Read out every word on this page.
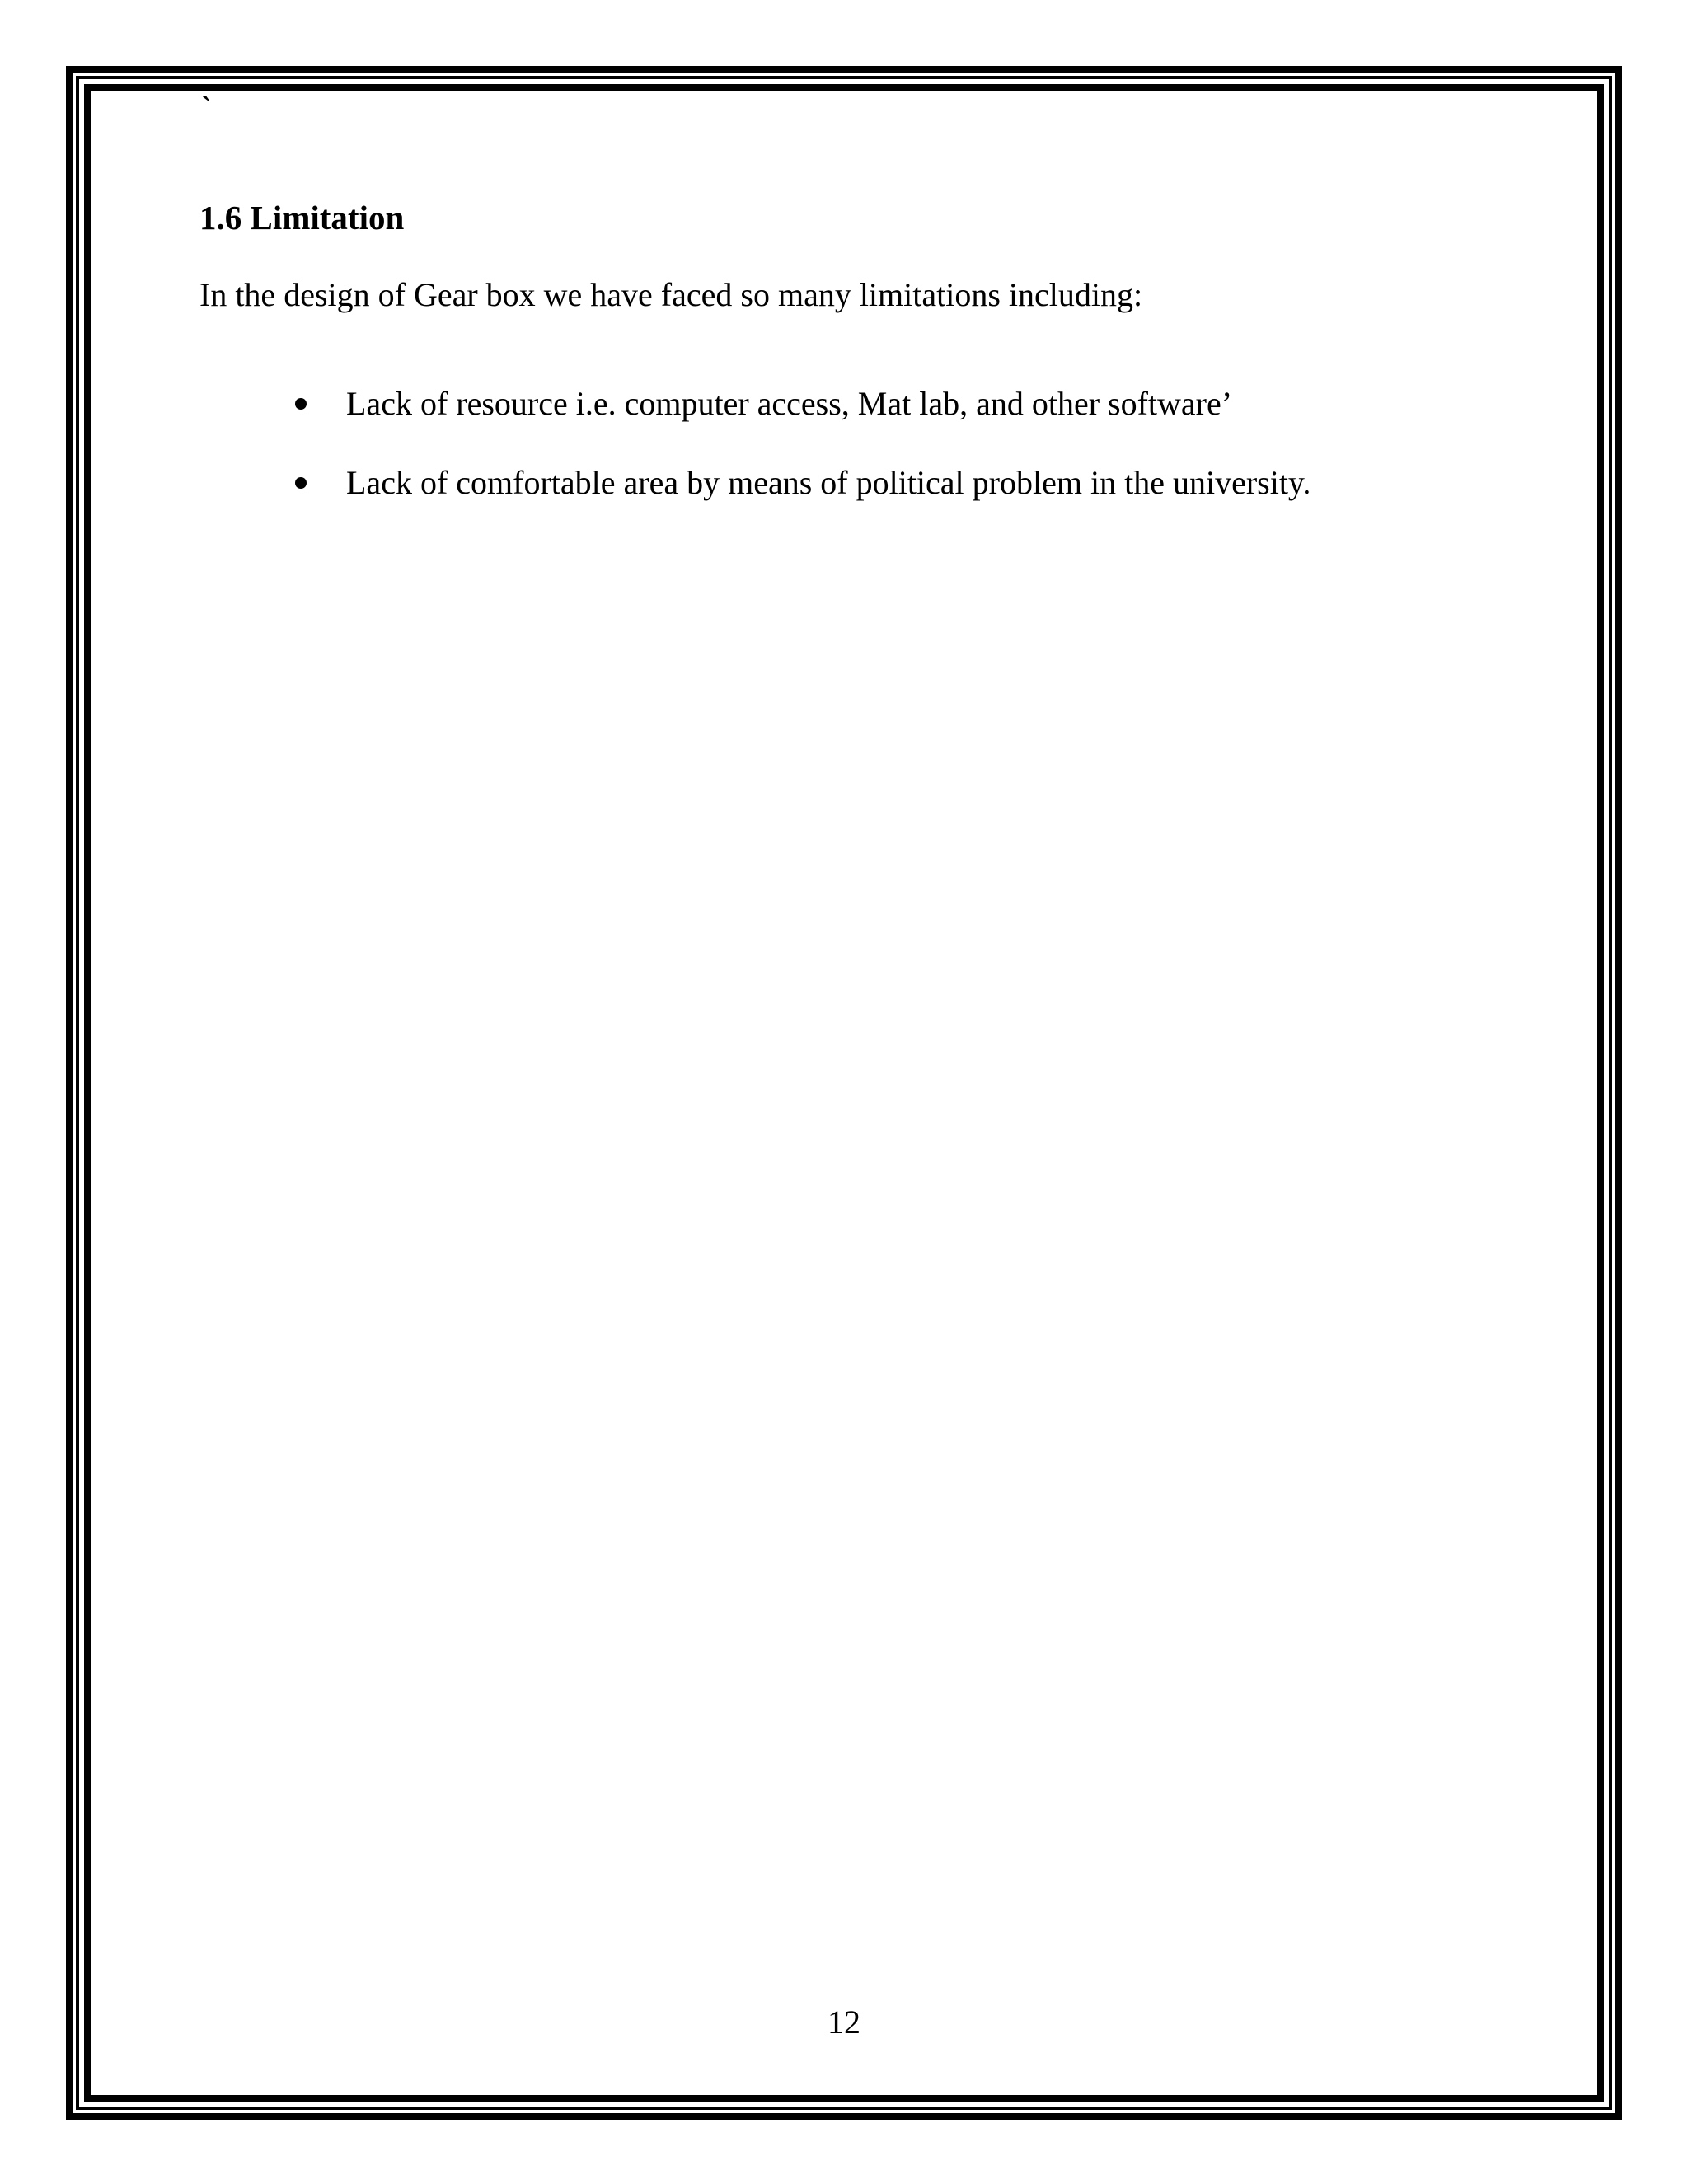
`
1.6 Limitation

In the design of Gear box we have faced so many limitations including:

Lack of resource i.e. computer access, Mat lab, and other software’
Lack of comfortable area by means of political problem in the university.
12
